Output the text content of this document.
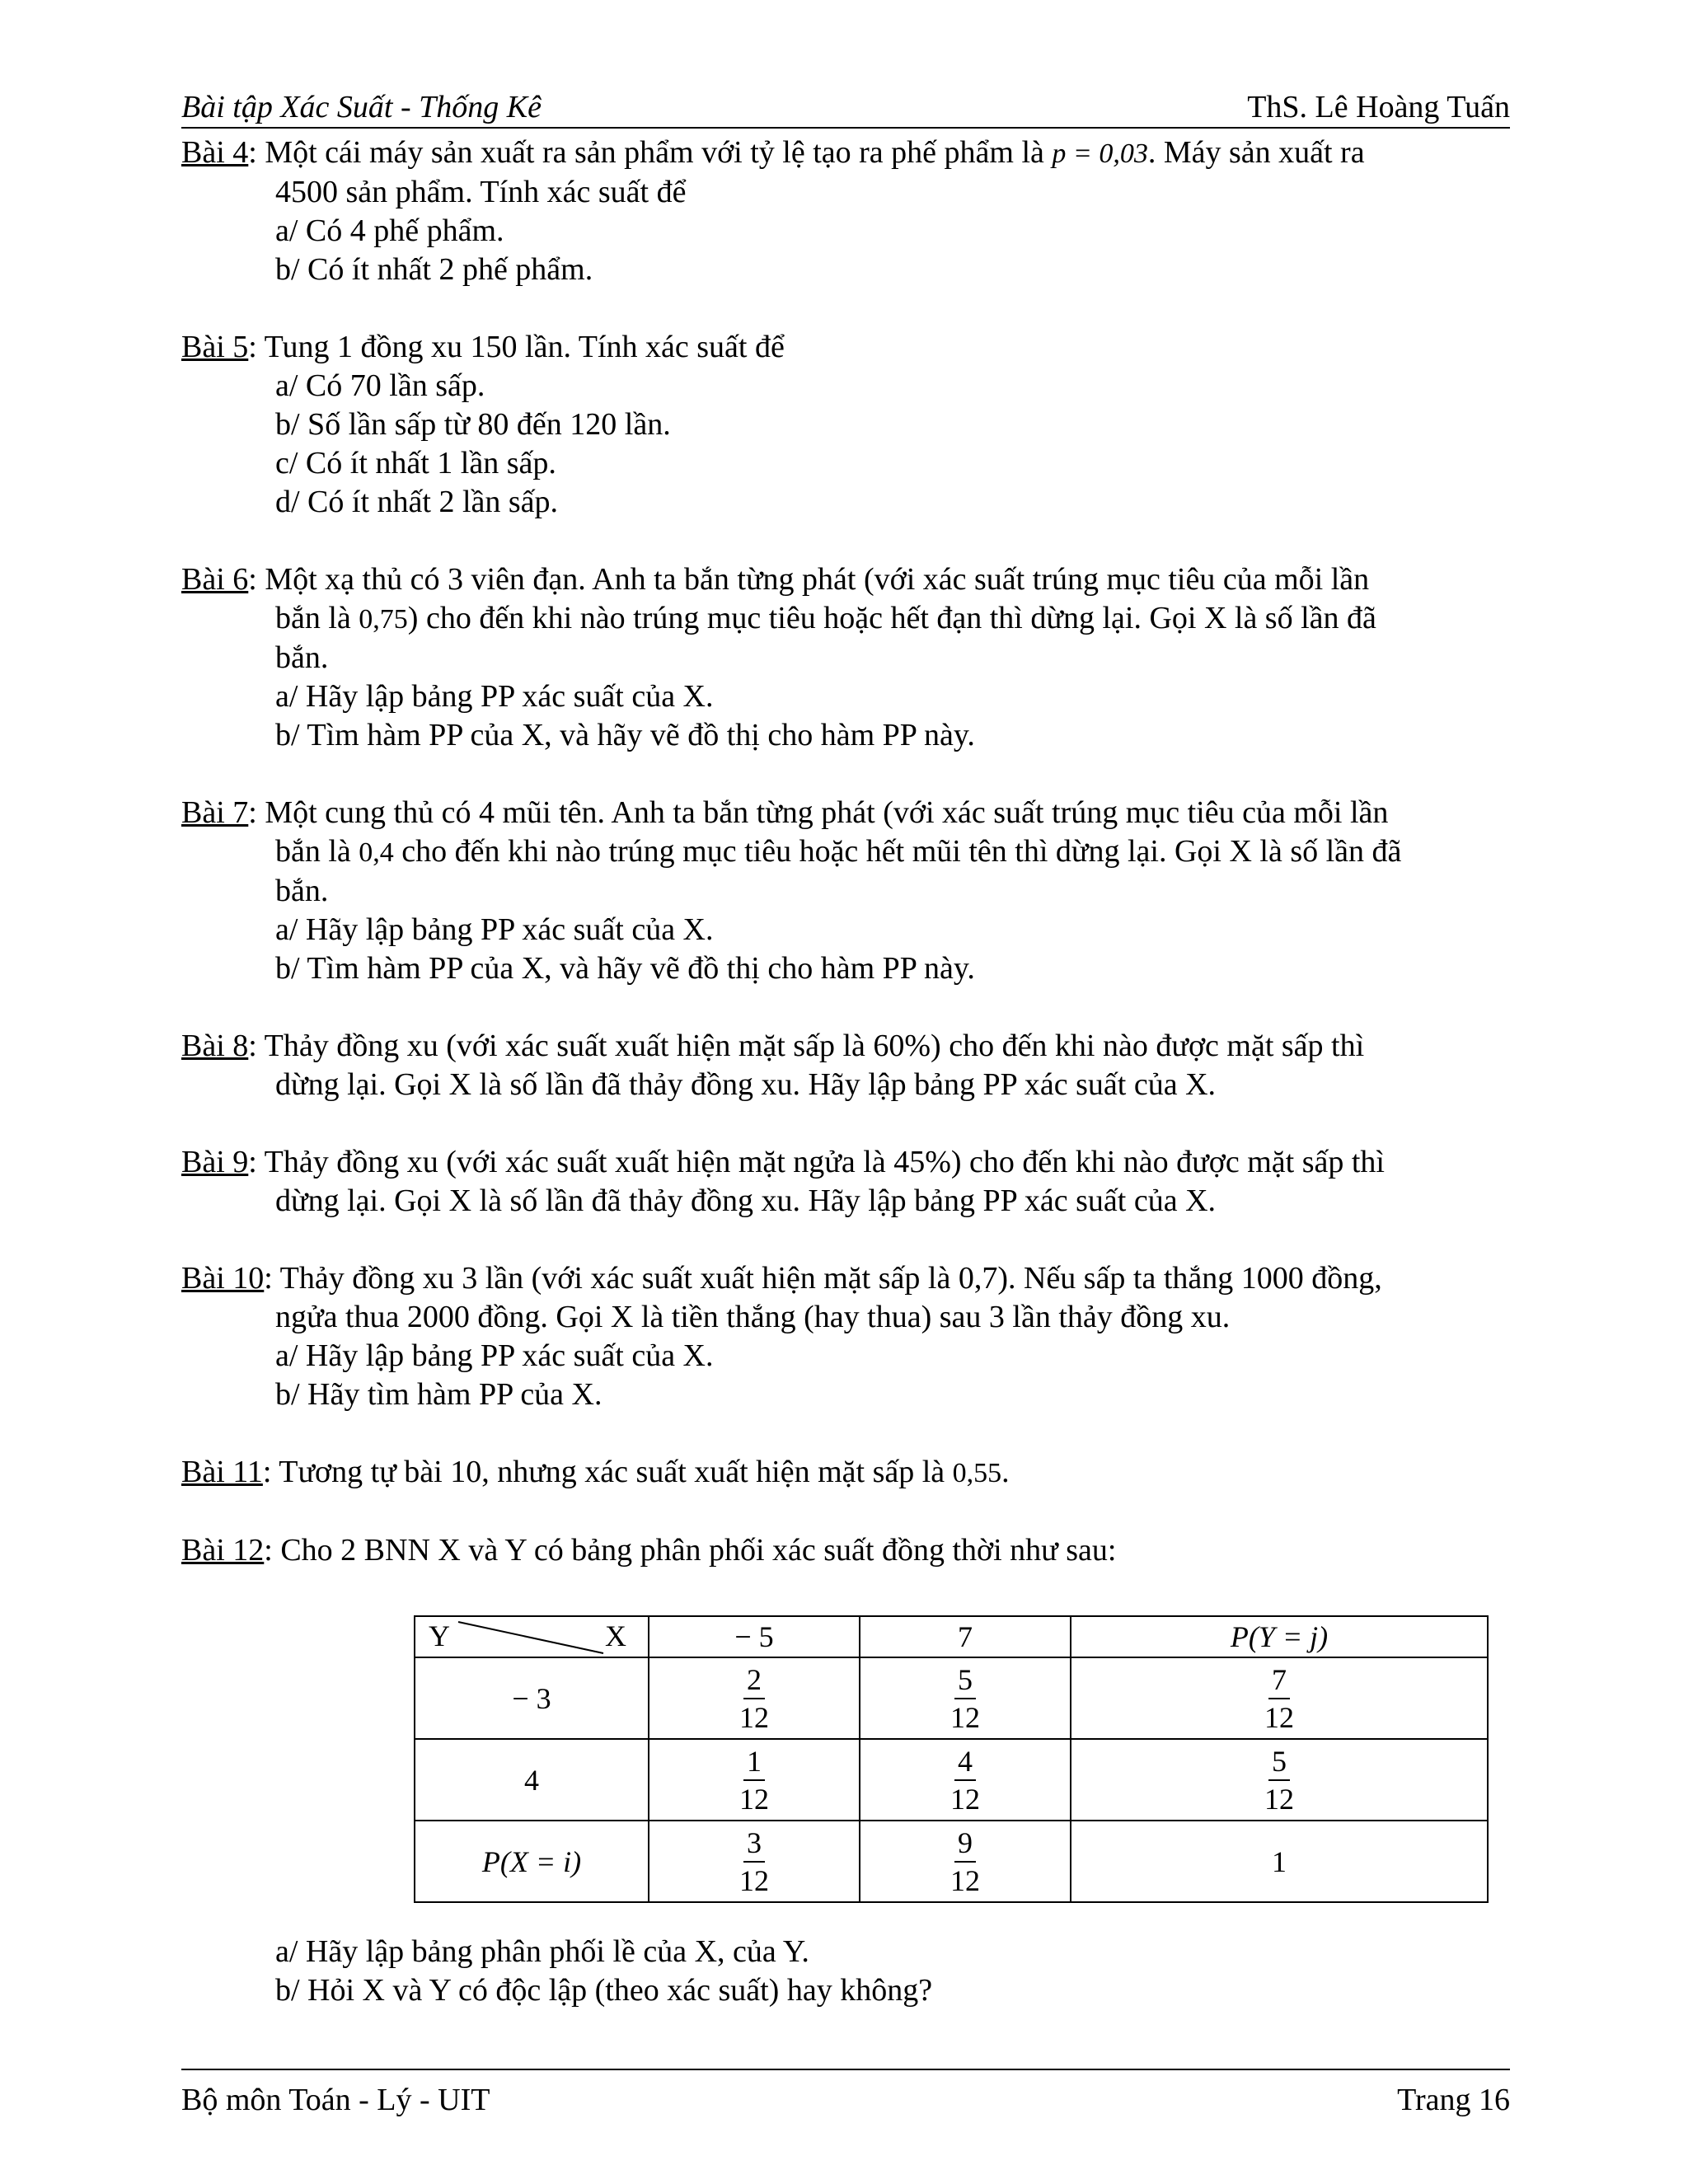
Bài tập Xác Suất - Thống Kê	ThS. Lê Hoàng Tuấn
Bài 4: Một cái máy sản xuất ra sản phẩm với tỷ lệ tạo ra phế phẩm là p = 0,03. Máy sản xuất ra
4500 sản phẩm. Tính xác suất để
a/ Có 4 phế phẩm.
b/ Có ít nhất 2 phế phẩm.
Bài 5: Tung 1 đồng xu 150 lần. Tính xác suất để
a/ Có 70 lần sấp.
b/ Số lần sấp từ 80 đến 120 lần.
c/ Có ít nhất 1 lần sấp.
d/ Có ít nhất 2 lần sấp.
Bài 6: Một xạ thủ có 3 viên đạn. Anh ta bắn từng phát (với xác suất trúng mục tiêu của mỗi lần
bắn là 0,75) cho đến khi nào trúng mục tiêu hoặc hết đạn thì dừng lại. Gọi X là số lần đã
bắn.
a/ Hãy lập bảng PP xác suất của X.
b/ Tìm hàm PP của X, và hãy vẽ đồ thị cho hàm PP này.
Bài 7: Một cung thủ có 4 mũi tên. Anh ta bắn từng phát (với xác suất trúng mục tiêu của mỗi lần
bắn là 0,4 cho đến khi nào trúng mục tiêu hoặc hết mũi tên thì dừng lại. Gọi X là số lần đã
bắn.
a/ Hãy lập bảng PP xác suất của X.
b/ Tìm hàm PP của X, và hãy vẽ đồ thị cho hàm PP này.
Bài 8: Thảy đồng xu (với xác suất xuất hiện mặt sấp là 60%) cho đến khi nào được mặt sấp thì
dừng lại. Gọi X là số lần đã thảy đồng xu. Hãy lập bảng PP xác suất của X.
Bài 9: Thảy đồng xu (với xác suất xuất hiện mặt ngửa là 45%) cho đến khi nào được mặt sấp thì
dừng lại. Gọi X là số lần đã thảy đồng xu. Hãy lập bảng PP xác suất của X.
Bài 10: Thảy đồng xu 3 lần (với xác suất xuất hiện mặt sấp là 0,7). Nếu sấp ta thắng 1000 đồng,
ngửa thua 2000 đồng. Gọi X là tiền thắng (hay thua) sau 3 lần thảy đồng xu.
a/ Hãy lập bảng PP xác suất của X.
b/ Hãy tìm hàm PP của X.
Bài 11: Tương tự bài 10, nhưng xác suất xuất hiện mặt sấp là 0,55.
Bài 12: Cho 2 BNN X và Y có bảng phân phối xác suất đồng thời như sau:
Y X	− 5	7	P(Y = j)
− 3	$\frac{2}{12}$	$\frac{5}{12}$	$\frac{7}{12}$

4	$\frac{1}{12}$	$\frac{4}{12}$	$\frac{5}{12}$

P(X = i)	$\frac{3}{12}$	$\frac{9}{12}$	1
a/ Hãy lập bảng phân phối lề của X, của Y.
b/ Hỏi X và Y có độc lập (theo xác suất) hay không?
Bộ môn Toán - Lý - UIT	Trang 16
